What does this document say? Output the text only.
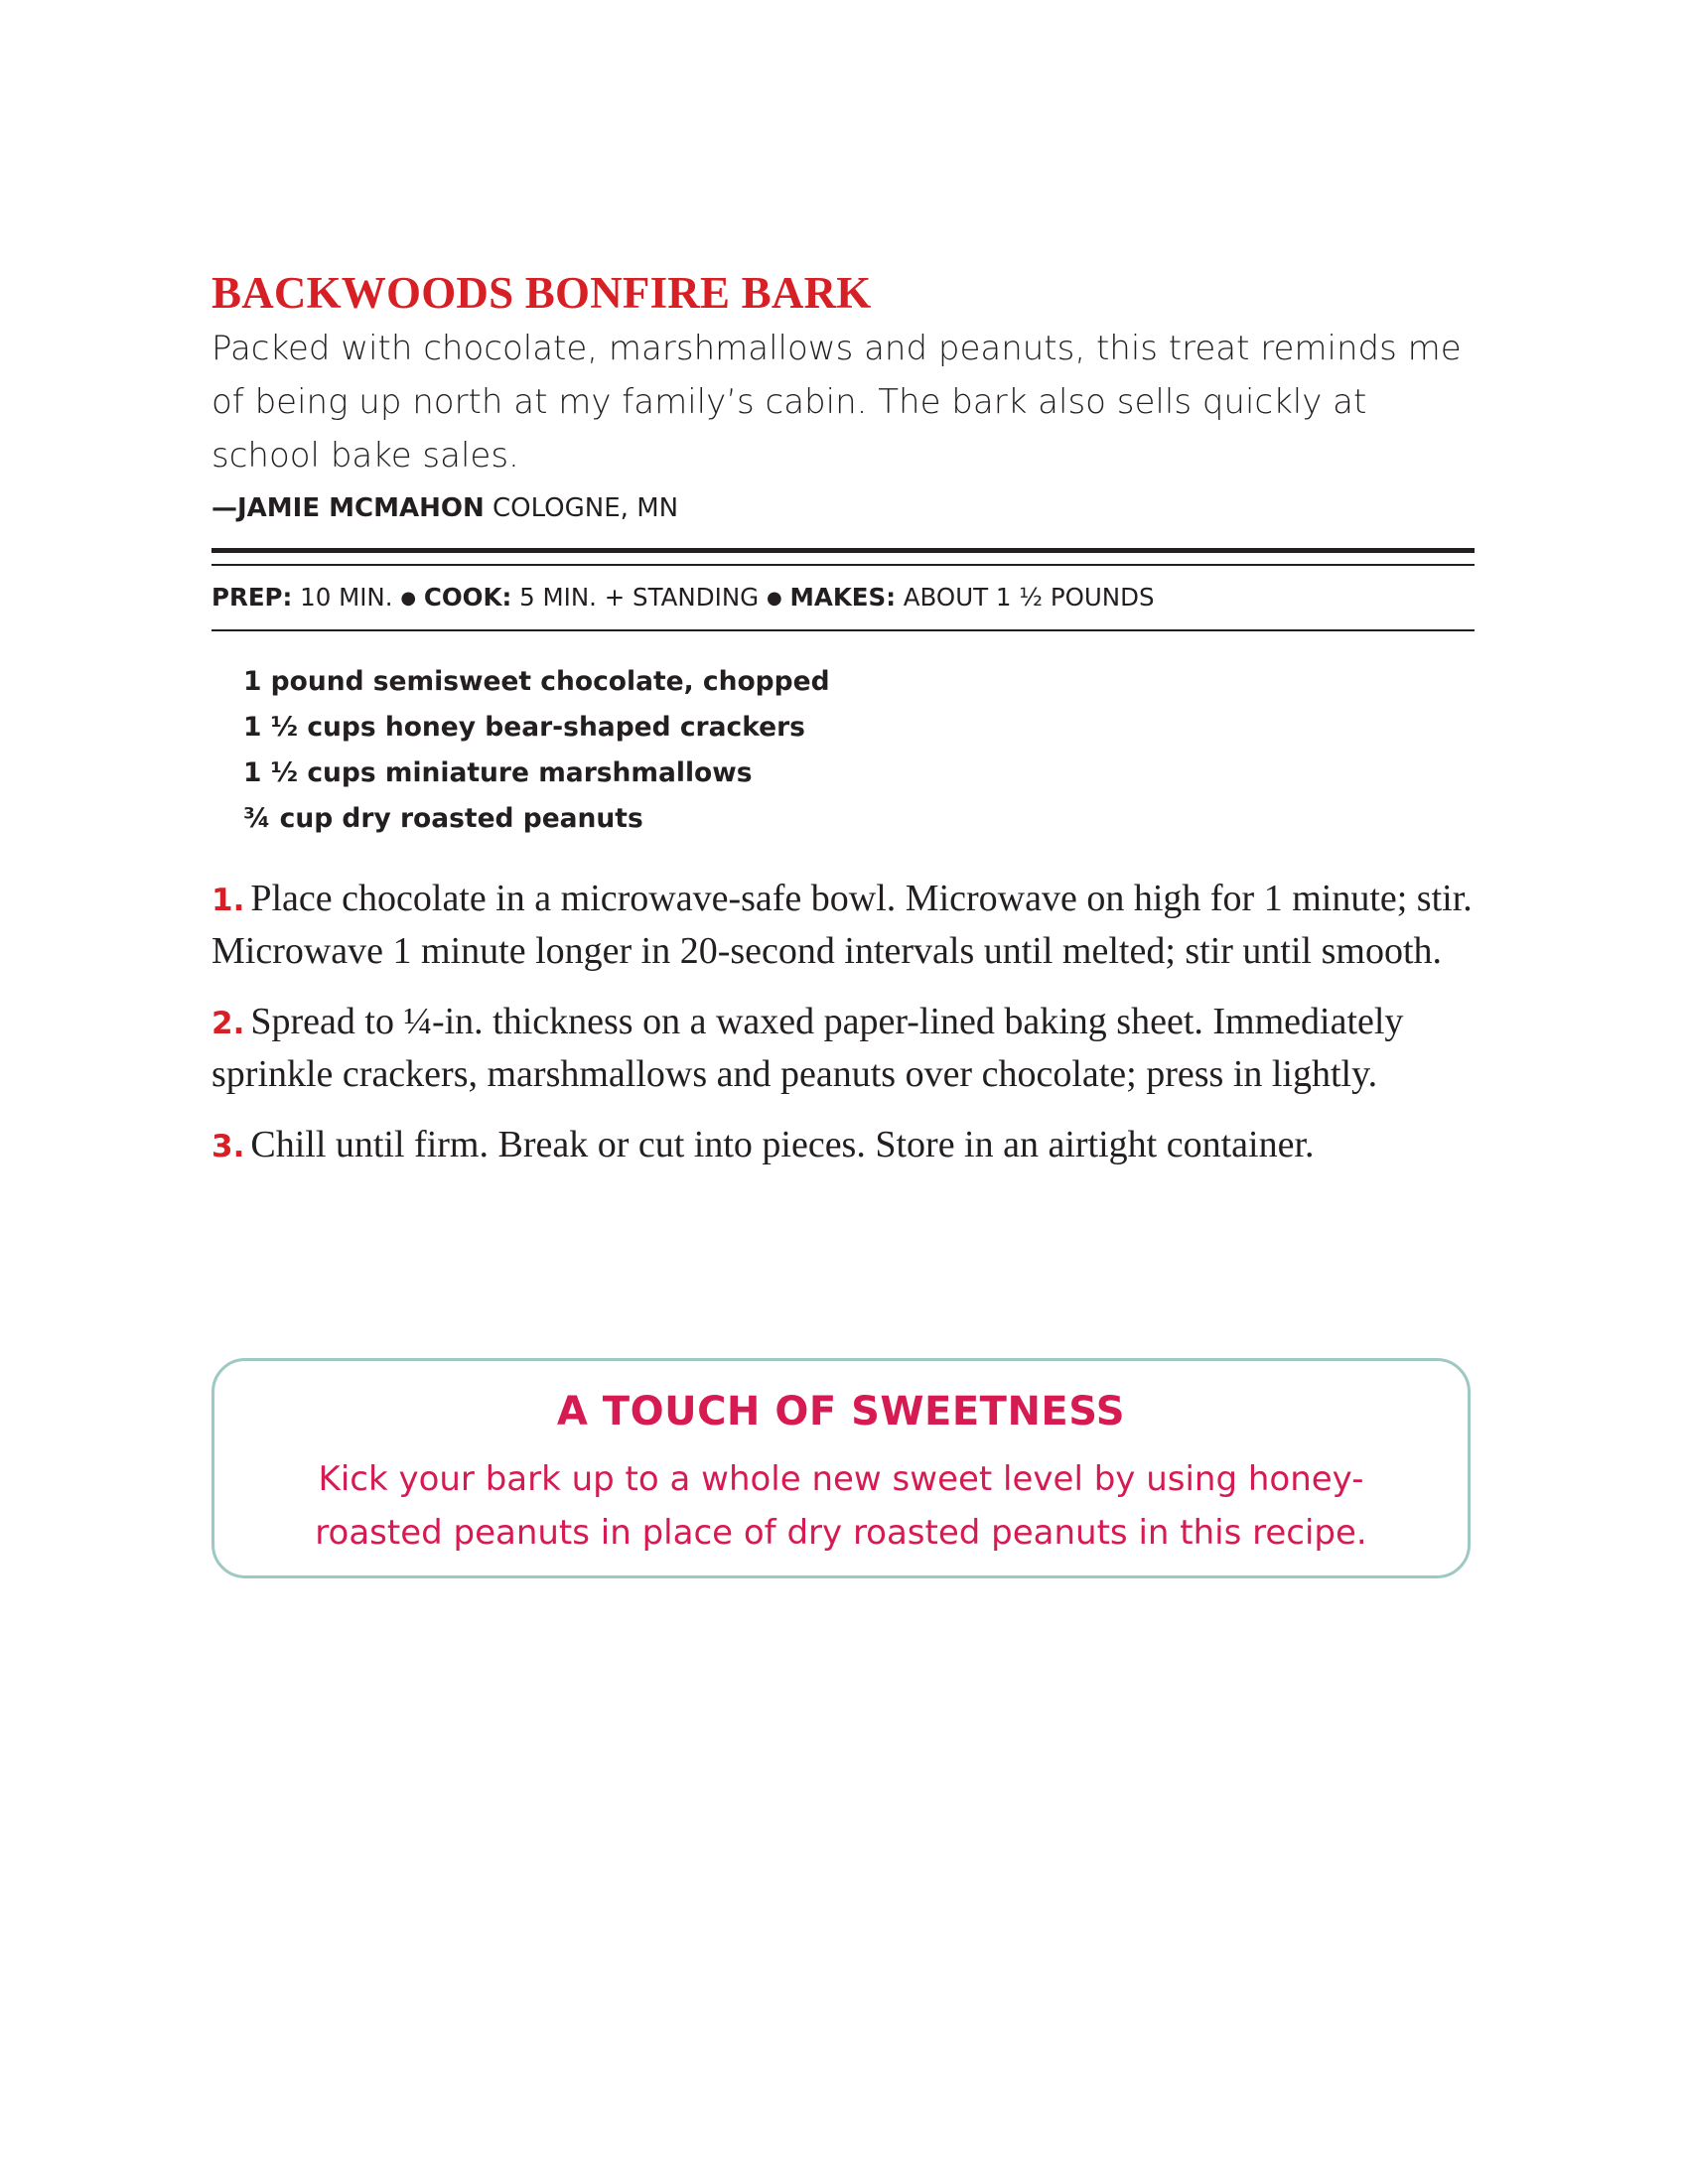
BACKWOODS BONFIRE BARK

Packed with chocolate, marshmallows and peanuts, this treat reminds me of being up north at my family’s cabin. The bark also sells quickly at school bake sales.

—JAMIE MCMAHON COLOGNE, MN
PREP: 10 MIN. ● COOK: 5 MIN. + STANDING ● MAKES: ABOUT 1 ½ POUNDS
1 pound semisweet chocolate, chopped
1 ½ cups honey bear-shaped crackers
1 ½ cups miniature marshmallows
¾ cup dry roasted peanuts

1. Place chocolate in a microwave-safe bowl. Microwave on high for 1 minute; stir. Microwave 1 minute longer in 20-second intervals until melted; stir until smooth.

2. Spread to ¼-in. thickness on a waxed paper-lined baking sheet. Immediately sprinkle crackers, marshmallows and peanuts over chocolate; press in lightly.

3. Chill until firm. Break or cut into pieces. Store in an airtight container.

A TOUCH OF SWEETNESS
Kick your bark up to a whole new sweet level by using honey-roasted peanuts in place of dry roasted peanuts in this recipe.
